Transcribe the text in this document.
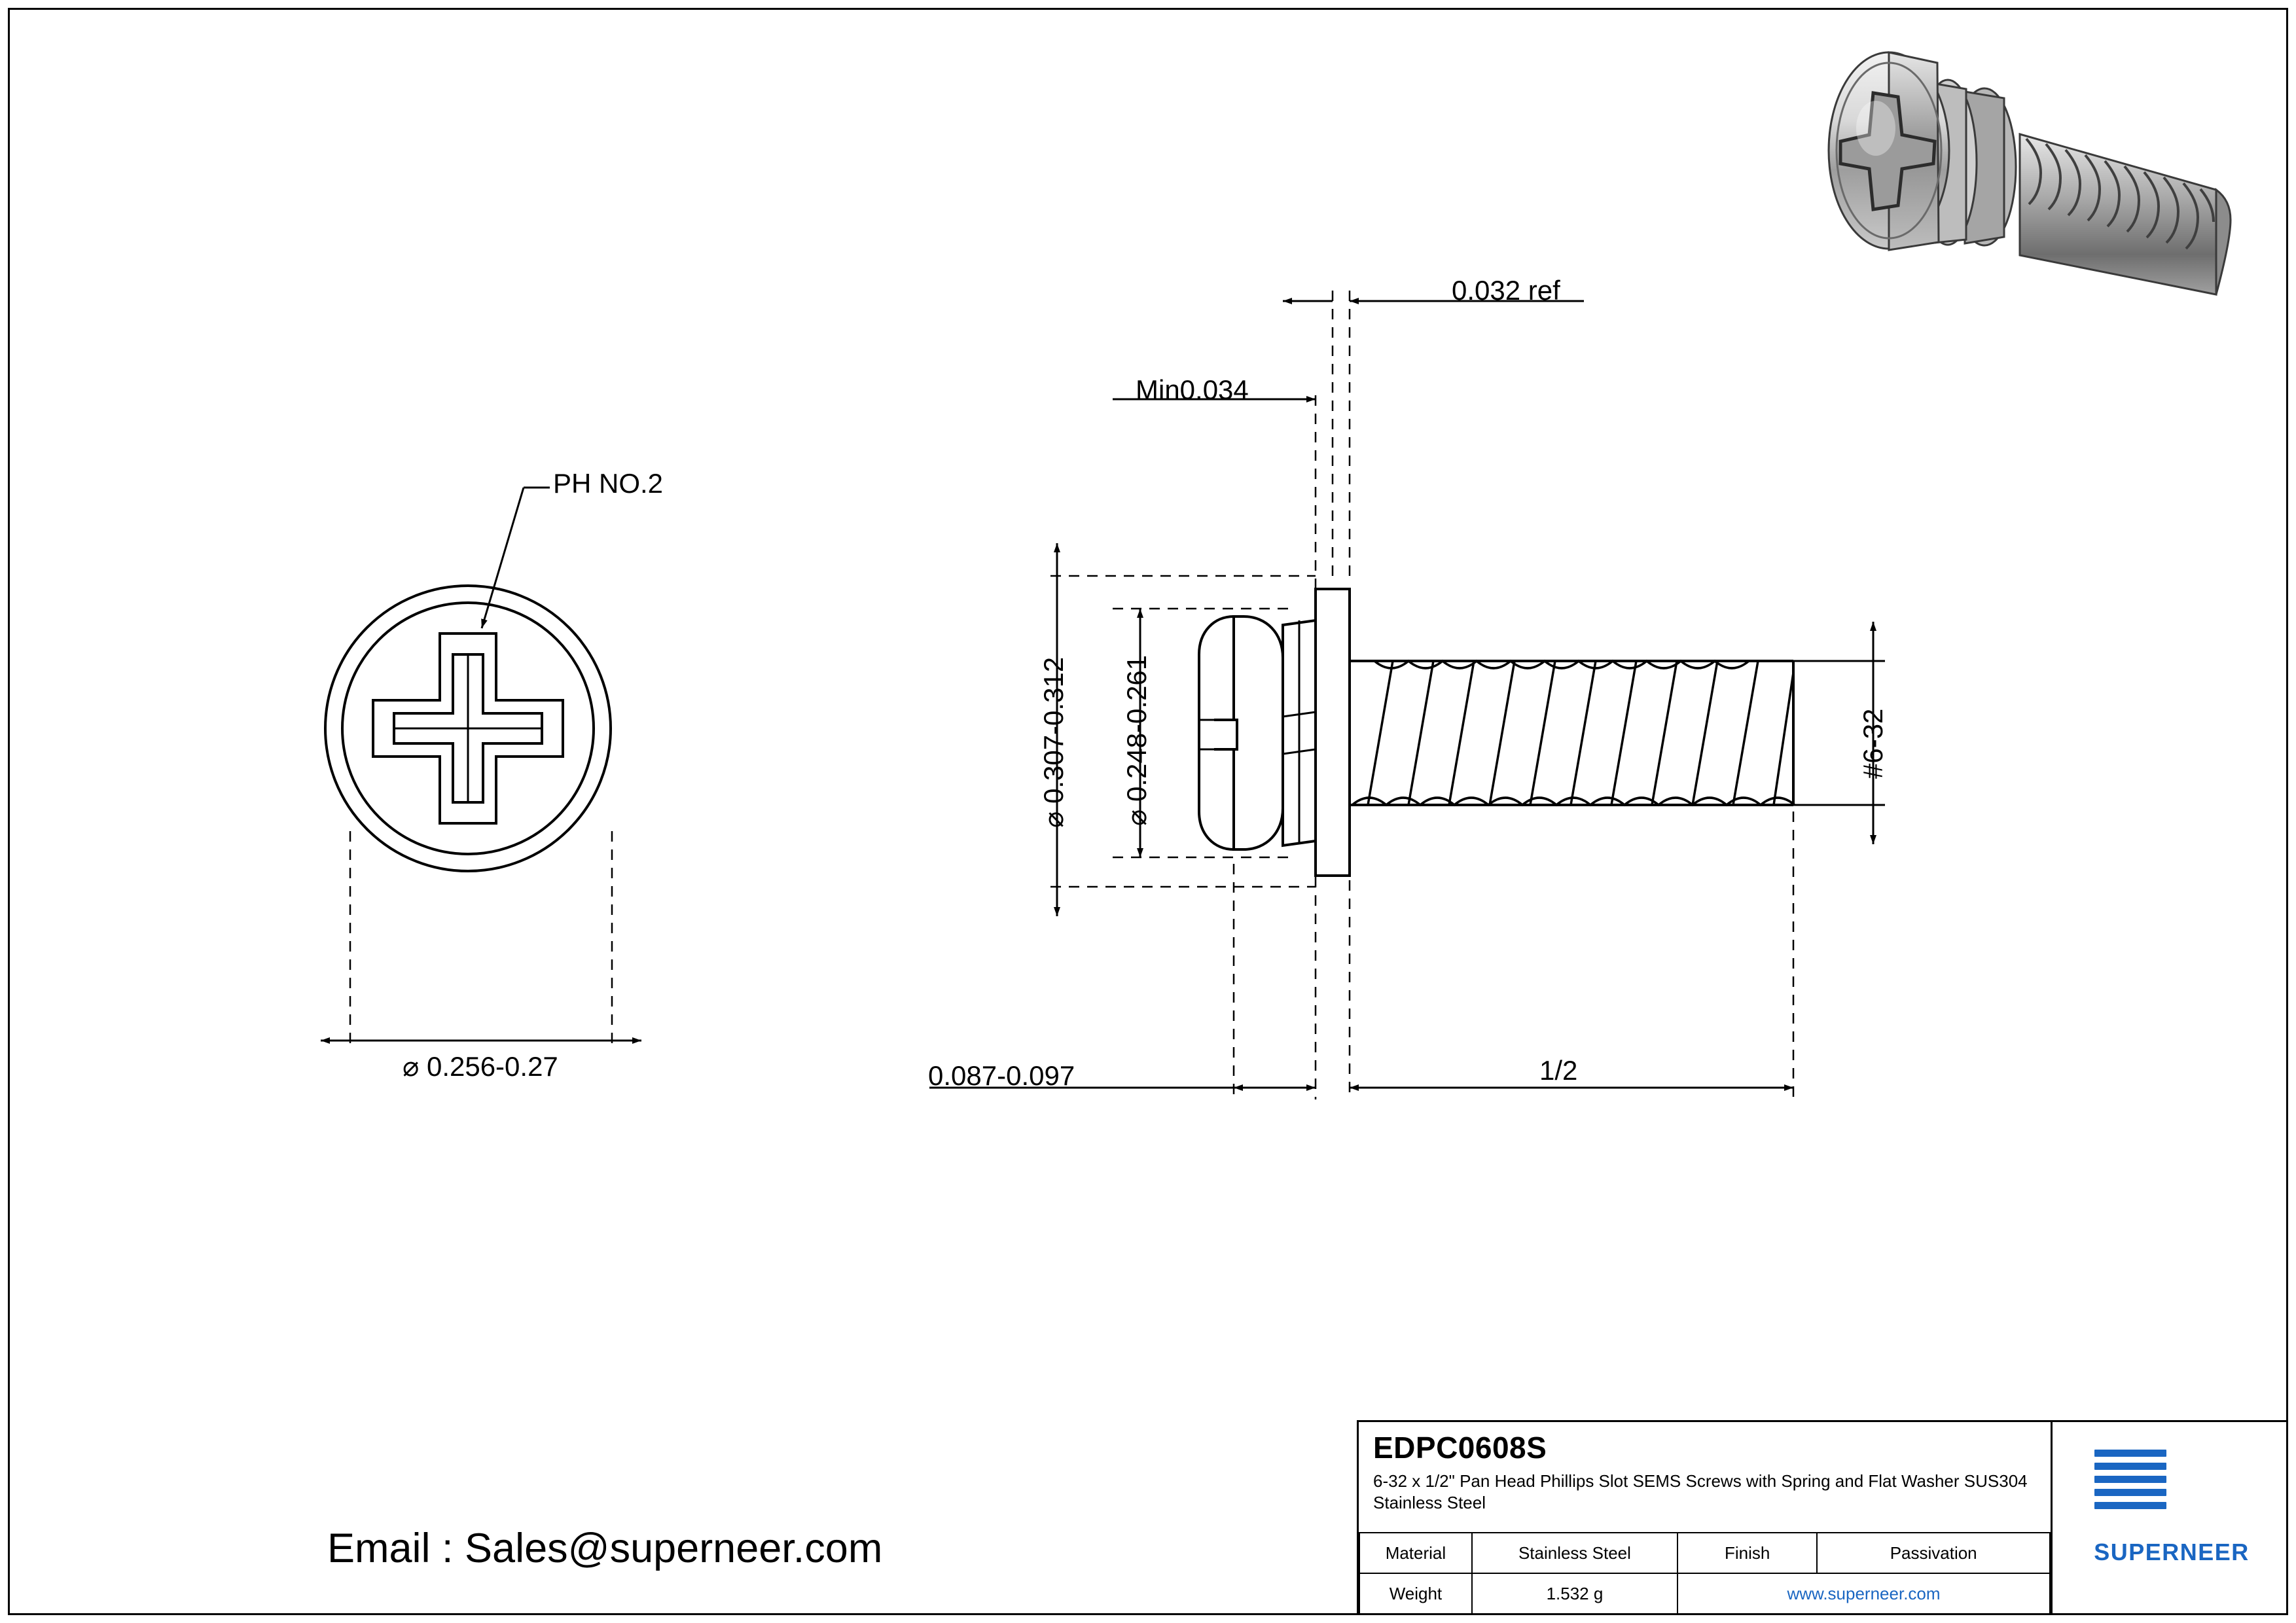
PH NO.2
⌀ 0.256-0.27
0.032 ref
Min0.034
⌀ 0.307-0.312 ⌀ 0.248-0.261	#6-32
0.087-0.097	1/2
Email : Sales@superneer.com
EDPC0608S
6-32 x 1/2" Pan Head Phillips Slot SEMS Screws with Spring and Flat Washer SUS304 Stainless Steel
Material	Stainless Steel	Finish	Passivation
Weight	1.532 g	www.superneer.com	
SUPERNEER
